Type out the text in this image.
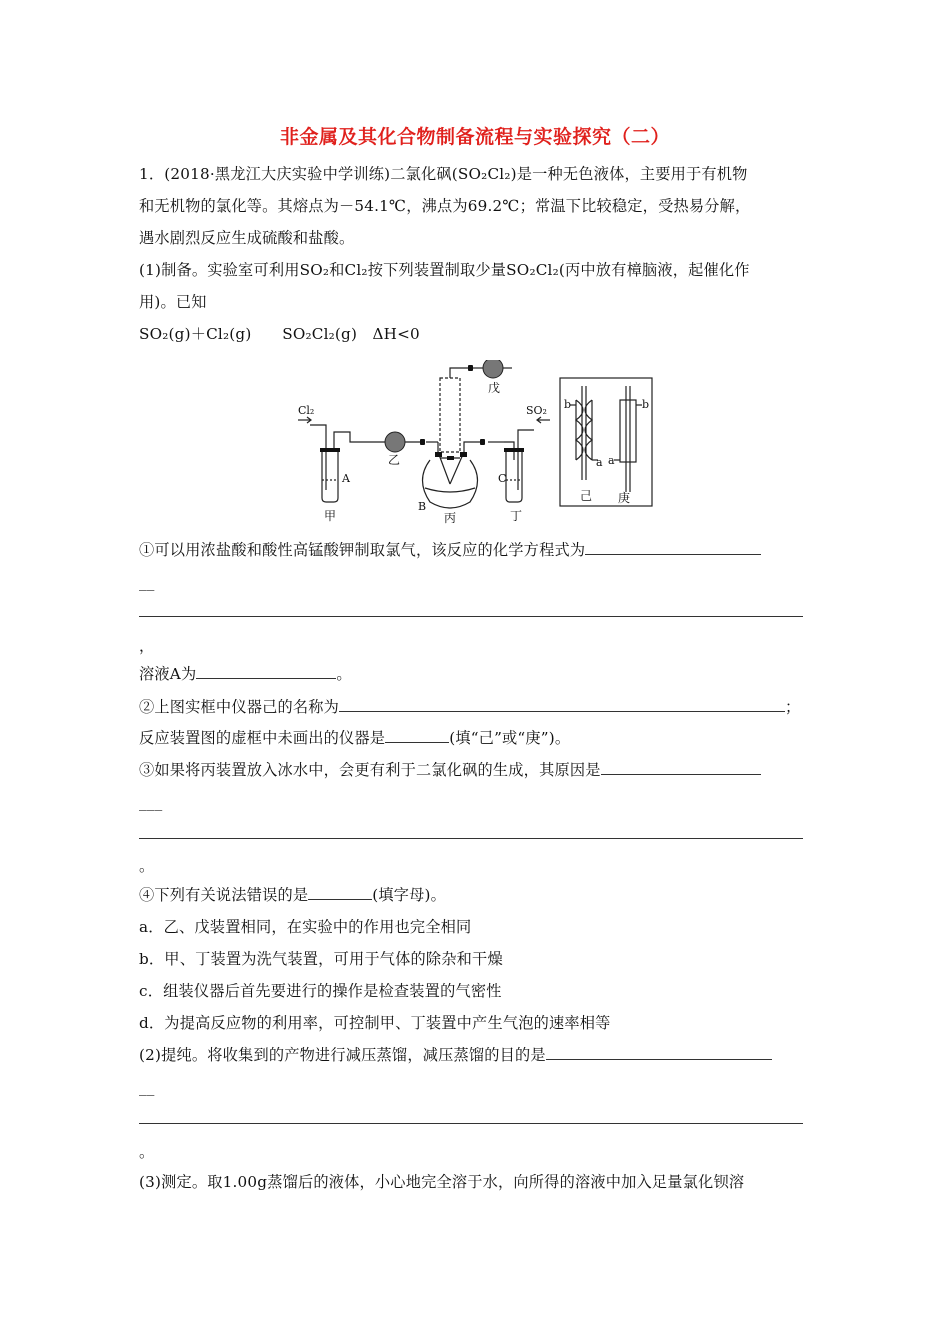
非金属及其化合物制备流程与实验探究（二）
1．(2018·黑龙江大庆实验中学训练)二氯化砜(SO₂Cl₂)是一种无色液体，主要用于有机物
和无机物的氯化等。其熔点为－54.1℃，沸点为69.2℃；常温下比较稳定，受热易分解，
遇水剧烈反应生成硫酸和盐酸。
(1)制备。实验室可利用SO₂和Cl₂按下列装置制取少量SO₂Cl₂(丙中放有樟脑液，起催化作
用)。已知
SO₂(g)＋Cl₂(g)　　SO₂Cl₂(g)　ΔH<0
Cl₂	SO₂
A
B
C
甲
乙
丙	丁
戊
己 庚
a
b
a
b
①可以用浓盐酸和酸性高锰酸钾制取氯气，该反应的化学方程式为
__
，
溶液A为	。
②上图实框中仪器己的名称为	；
反应装置图的虚框中未画出的仪器是	(填“己”或“庚”)。
③如果将丙装置放入冰水中，会更有利于二氯化砜的生成，其原因是
___
。
④下列有关说法错误的是	(填字母)。
a．乙、戊装置相同，在实验中的作用也完全相同
b．甲、丁装置为洗气装置，可用于气体的除杂和干燥
c．组装仪器后首先要进行的操作是检查装置的气密性
d．为提高反应物的利用率，可控制甲、丁装置中产生气泡的速率相等
(2)提纯。将收集到的产物进行减压蒸馏，减压蒸馏的目的是
__
。
(3)测定。取1.00g蒸馏后的液体，小心地完全溶于水，向所得的溶液中加入足量氯化钡溶
